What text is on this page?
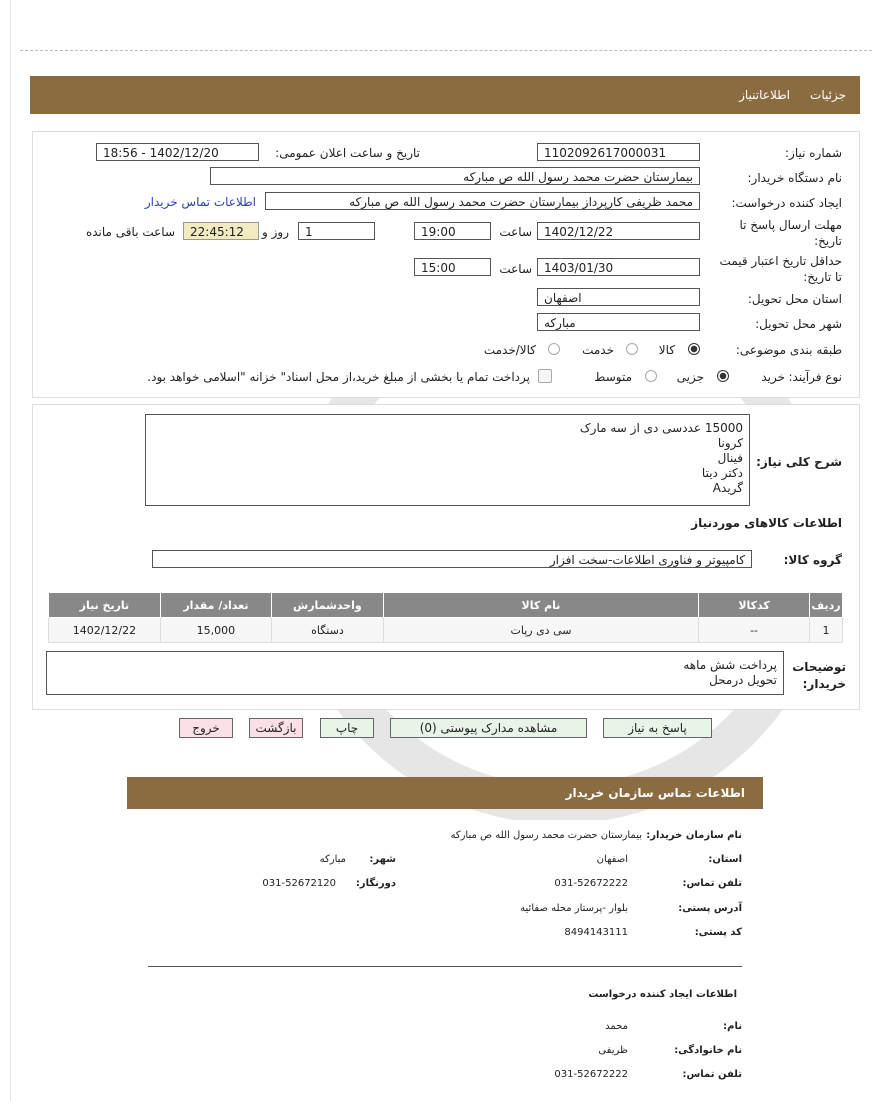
جزئیات
اطلاعاتنیاز
شماره نیاز:
1102092617000031
تاریخ و ساعت اعلان عمومی:
1402/12/20 - 18:56
نام دستگاه خریدار:
بیمارستان حضرت محمد رسول الله ص مبارکه
ایجاد کننده درخواست:
محمد ظریفی کارپرداز بیمارستان حضرت محمد رسول الله ص مبارکه
اطلاعات تماس خریدار
مهلت ارسال پاسخ تا
تاریخ:
1402/12/22
ساعت
19:00
1
روز و
22:45:12
ساعت باقی مانده
حداقل تاریخ اعتبار قیمت
تا تاریخ:
1403/01/30
ساعت
15:00
استان محل تحویل:
اصفهان
شهر محل تحویل:
مبارکه
طبقه بندی موضوعی:
کالا
خدمت
کالا/خدمت
نوع فرآیند:
خرید
جزیی
متوسط
پرداخت تمام یا بخشی از مبلغ خرید،از محل اسناد" خزانه "اسلامی خواهد بود.
15000 عددسی دی از سه مارک
کرونا
فینال
دکتر دیتا
گریدA
شرح کلی نیاز:
اطلاعات کالاهای موردنیاز
گروه کالا:
کامپیوتر و فناوری اطلاعات-سخت افزار
ردیف	کدکالا	نام کالا	واحدشمارش	تعداد/ مقدار	تاریخ نیاز
1	--	سی دی رپات	دستگاه	15,000	1402/12/22
توضیحات
خریدار:
پرداخت شش ماهه
تحویل درمحل
پاسخ به نیاز
مشاهده مدارک پیوستی (0)
چاپ
بازگشت
خروج
اطلاعات تماس سازمان خریدار
نام سازمان خریدار:
بیمارستان حضرت محمد رسول الله ص مبارکه
استان:
اصفهان
شهر:
مبارکه
تلفن تماس:
031-52672222
دورنگار:
031-52672120
آدرس پستی:
بلوار -پرستار محله صفائیه
کد پستی:
8494143111
اطلاعات ایجاد کننده درخواست
نام:
محمد
نام خانوادگی:
ظریفی
تلفن تماس:
031-52672222
